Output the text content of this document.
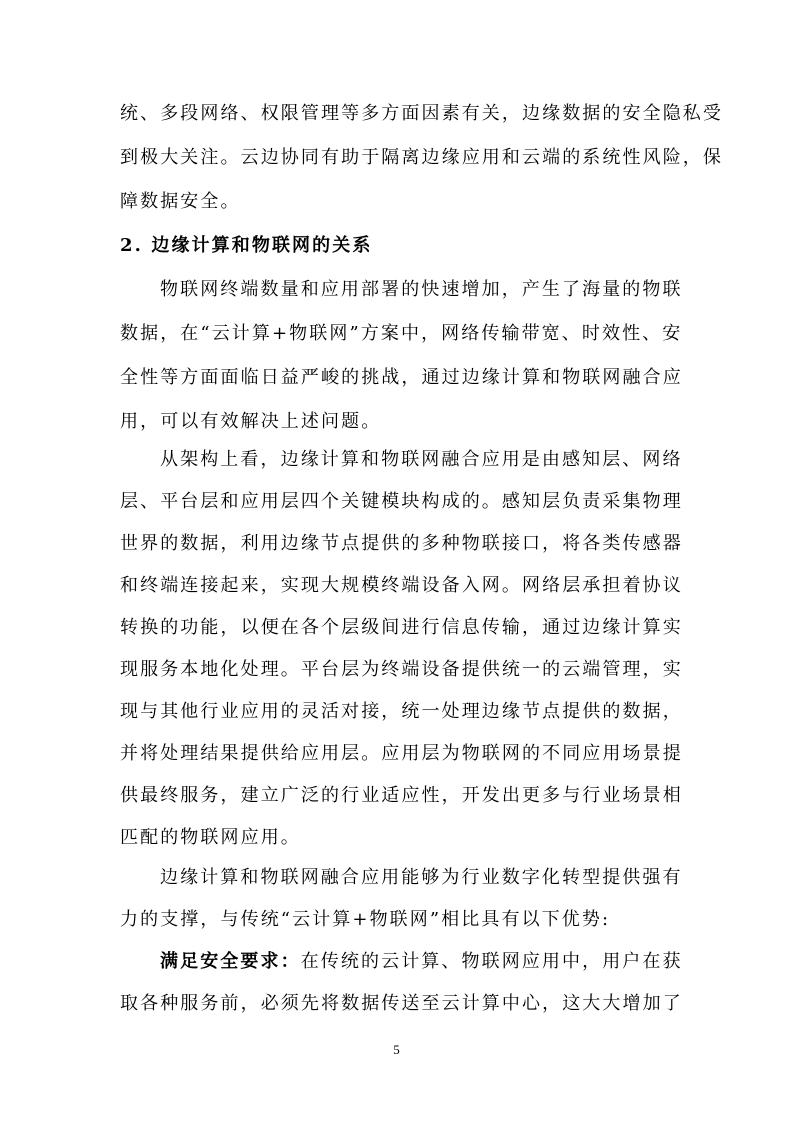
统、多段网络、权限管理等多方面因素有关，边缘数据的安全隐私受
到极大关注。云边协同有助于隔离边缘应用和云端的系统性风险，保
障数据安全。
2. 边缘计算和物联网的关系
物联网终端数量和应用部署的快速增加，产生了海量的物联
数据，在“云计算+物联网”方案中，网络传输带宽、时效性、安
全性等方面面临日益严峻的挑战，通过边缘计算和物联网融合应
用，可以有效解决上述问题。
从架构上看，边缘计算和物联网融合应用是由感知层、网络
层、平台层和应用层四个关键模块构成的。感知层负责采集物理
世界的数据，利用边缘节点提供的多种物联接口，将各类传感器
和终端连接起来，实现大规模终端设备入网。网络层承担着协议
转换的功能，以便在各个层级间进行信息传输，通过边缘计算实
现服务本地化处理。平台层为终端设备提供统一的云端管理，实
现与其他行业应用的灵活对接，统一处理边缘节点提供的数据，
并将处理结果提供给应用层。应用层为物联网的不同应用场景提
供最终服务，建立广泛的行业适应性，开发出更多与行业场景相
匹配的物联网应用。
边缘计算和物联网融合应用能够为行业数字化转型提供强有
力的支撑，与传统“云计算+物联网”相比具有以下优势:
满足安全要求：在传统的云计算、物联网应用中，用户在获
取各种服务前，必须先将数据传送至云计算中心，这大大增加了
5
